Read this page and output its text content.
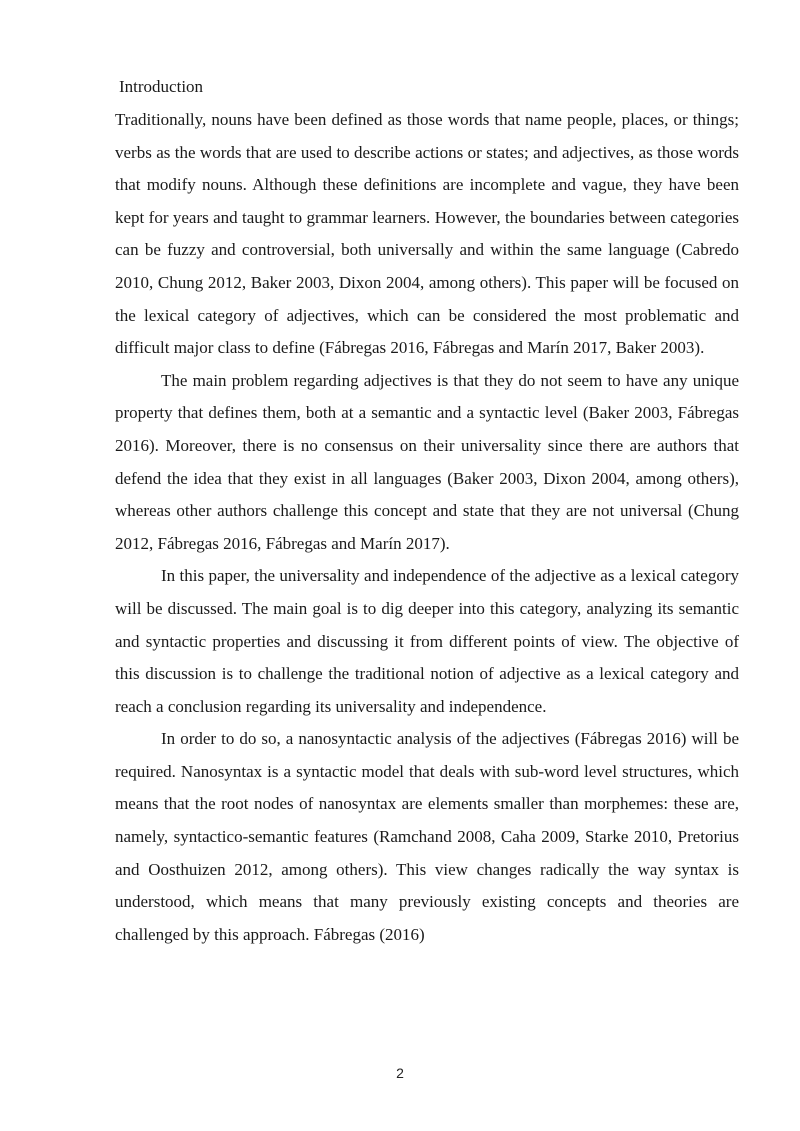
Introduction

Traditionally, nouns have been defined as those words that name people, places, or things; verbs as the words that are used to describe actions or states; and adjectives, as those words that modify nouns. Although these definitions are incomplete and vague, they have been kept for years and taught to grammar learners. However, the boundaries between categories can be fuzzy and controversial, both universally and within the same language (Cabredo 2010, Chung 2012, Baker 2003, Dixon 2004, among others). This paper will be focused on the lexical category of adjectives, which can be considered the most problematic and difficult major class to define (Fábregas 2016, Fábregas and Marín 2017, Baker 2003).

The main problem regarding adjectives is that they do not seem to have any unique property that defines them, both at a semantic and a syntactic level (Baker 2003, Fábregas 2016). Moreover, there is no consensus on their universality since there are authors that defend the idea that they exist in all languages (Baker 2003, Dixon 2004, among others), whereas other authors challenge this concept and state that they are not universal (Chung 2012, Fábregas 2016, Fábregas and Marín 2017).

In this paper, the universality and independence of the adjective as a lexical category will be discussed. The main goal is to dig deeper into this category, analyzing its semantic and syntactic properties and discussing it from different points of view. The objective of this discussion is to challenge the traditional notion of adjective as a lexical category and reach a conclusion regarding its universality and independence.

In order to do so, a nanosyntactic analysis of the adjectives (Fábregas 2016) will be required. Nanosyntax is a syntactic model that deals with sub-word level structures, which means that the root nodes of nanosyntax are elements smaller than morphemes: these are, namely, syntactico-semantic features (Ramchand 2008, Caha 2009, Starke 2010, Pretorius and Oosthuizen 2012, among others). This view changes radically the way syntax is understood, which means that many previously existing concepts and theories are challenged by this approach. Fábregas (2016)

2
